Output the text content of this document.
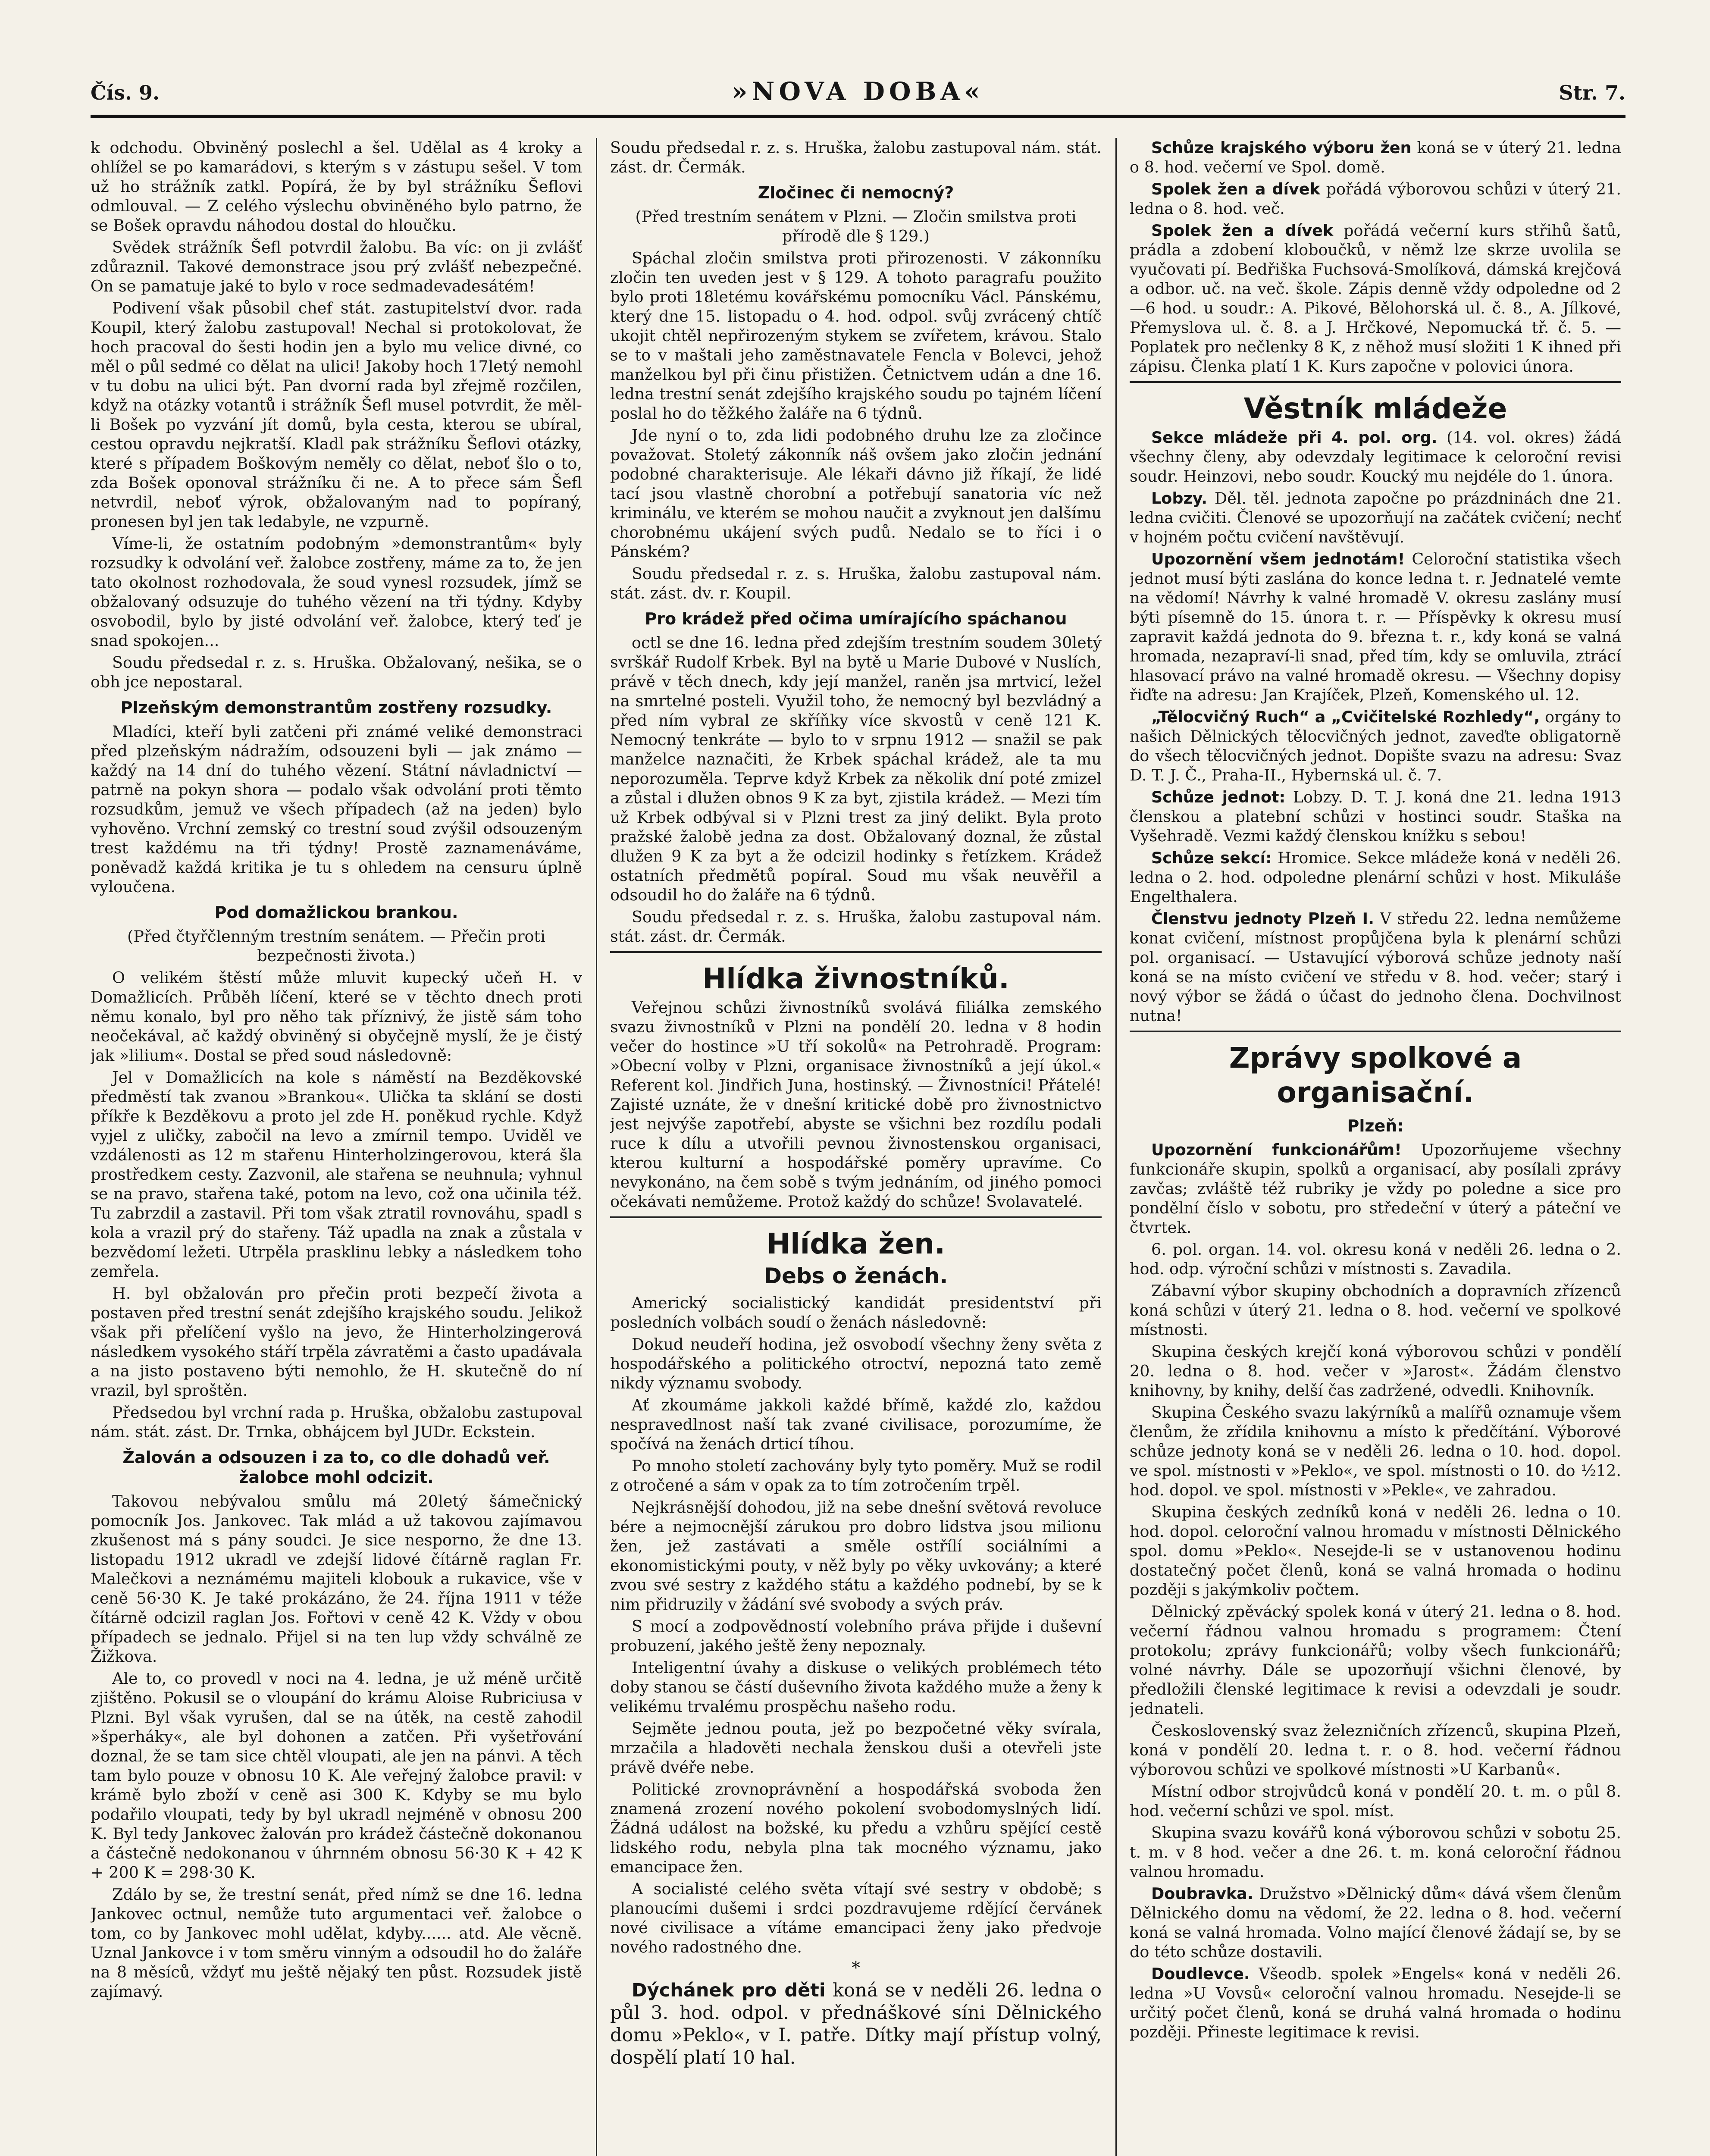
Čís. 9.	»NOVA DOBA«	Str. 7.

k odchodu. Obviněný poslechl a šel. Udělal as 4 kroky a ohlížel se po kamarádovi, s kterým s v zástupu sešel. V tom už ho strážník zatkl. Popírá, že by byl strážníku Šeflovi odmlouval. — Z celého výslechu obviněného bylo patrno, že se Bošek opravdu náhodou dostal do hloučku.

Svědek strážník Šefl potvrdil žalobu. Ba víc: on ji zvlášť zdůraznil. Takové demonstrace jsou prý zvlášť nebezpečné. On se pamatuje jaké to bylo v roce sedmadevadesátém!

Podivení však působil chef stát. zastupitelství dvor. rada Koupil, který žalobu zastupoval! Nechal si protokolovat, že hoch pracoval do šesti hodin jen a bylo mu velice divné, co měl o půl sedmé co dělat na ulici! Jakoby hoch 17letý nemohl v tu dobu na ulici být. Pan dvorní rada byl zřejmě rozčilen, když na otázky votantů i strážník Šefl musel potvrdit, že měl-li Bošek po vyzvání jít domů, byla cesta, kterou se ubíral, cestou opravdu nejkratší. Kladl pak strážníku Šeflovi otázky, které s případem Boškovým neměly co dělat, neboť šlo o to, zda Bošek oponoval strážníku či ne. A to přece sám Šefl netvrdil, neboť výrok, obžalovaným nad to popíraný, pronesen byl jen tak ledabyle, ne vzpurně.

Víme-li, že ostatním podobným »demonstrantům« byly rozsudky k odvolání veř. žalobce zostřeny, máme za to, že jen tato okolnost rozhodovala, že soud vynesl rozsudek, jímž se obžalovaný odsuzuje do tuhého vězení na tři týdny. Kdyby osvobodil, bylo by jisté odvolání veř. žalobce, který teď je snad spokojen...

Soudu předsedal r. z. s. Hruška. Obžalovaný, nešika, se o obh jce nepostaral.

Plzeňským demonstrantům zostřeny rozsudky.

Mladíci, kteří byli zatčeni při známé veliké demonstraci před plzeňským nádražím, odsouzeni byli — jak známo — každý na 14 dní do tuhého vězení. Státní návladnictví — patrně na pokyn shora — podalo však odvolání proti těmto rozsudkům, jemuž ve všech případech (až na jeden) bylo vyhověno. Vrchní zemský co trestní soud zvýšil odsouzeným trest každému na tři týdny! Prostě zaznamenáváme, poněvadž každá kritika je tu s ohledem na censuru úplně vyloučena.

Pod domažlickou brankou.

(Před čtyřčlenným trestním senátem. — Přečin proti bezpečnosti života.)

O velikém štěstí může mluvit kupecký učeň H. v Domažlicích. Průběh líčení, které se v těchto dnech proti němu konalo, byl pro něho tak příznivý, že jistě sám toho neočekával, ač každý obviněný si obyčejně myslí, že je čistý jak »lilium«. Dostal se před soud následovně:

Jel v Domažlicích na kole s náměstí na Bezděkovské předměstí tak zvanou »Brankou«. Ulička ta sklání se dosti příkře k Bezděkovu a proto jel zde H. poněkud rychle. Když vyjel z uličky, zabočil na levo a zmírnil tempo. Uviděl ve vzdálenosti as 12 m stařenu Hinterholzingerovou, která šla prostředkem cesty. Zazvonil, ale stařena se neuhnula; vyhnul se na pravo, stařena také, potom na levo, což ona učinila též. Tu zabrzdil a zastavil. Při tom však ztratil rovnováhu, spadl s kola a vrazil prý do stařeny. Táž upadla na znak a zůstala v bezvědomí ležeti. Utrpěla prasklinu lebky a následkem toho zemřela.

H. byl obžalován pro přečin proti bezpečí života a postaven před trestní senát zdejšího krajského soudu. Jelikož však při přelíčení vyšlo na jevo, že Hinterholzingerová následkem vysokého stáří trpěla závratěmi a často upadávala a na jisto postaveno býti nemohlo, že H. skutečně do ní vrazil, byl sproštěn.

Předsedou byl vrchní rada p. Hruška, obžalobu zastupoval nám. stát. zást. Dr. Trnka, obhájcem byl JUDr. Eckstein.

Žalován a odsouzen i za to, co dle dohadů veř. žalobce mohl odcizit.

Takovou nebývalou smůlu má 20letý šámečnický pomocník Jos. Jankovec. Tak mlád a už takovou zajímavou zkušenost má s pány soudci. Je sice nesporno, že dne 13. listopadu 1912 ukradl ve zdejší lidové čítárně raglan Fr. Malečkovi a neznámému majiteli klobouk a rukavice, vše v ceně 56·30 K. Je také prokázáno, že 24. října 1911 v téže čítárně odcizil raglan Jos. Fořtovi v ceně 42 K. Vždy v obou případech se jednalo. Přijel si na ten lup vždy schválně ze Žižkova.

Ale to, co provedl v noci na 4. ledna, je už méně určitě zjištěno. Pokusil se o vloupání do krámu Aloise Rubriciusa v Plzni. Byl však vyrušen, dal se na útěk, na cestě zahodil »šperháky«, ale byl dohonen a zatčen. Při vyšetřování doznal, že se tam sice chtěl vloupati, ale jen na pánvi. A těch tam bylo pouze v obnosu 10 K. Ale veřejný žalobce pravil: v krámě bylo zboží v ceně asi 300 K. Kdyby se mu bylo podařilo vloupati, tedy by byl ukradl nejméně v obnosu 200 K. Byl tedy Jankovec žalován pro krádež částečně dokonanou a částečně nedokonanou v úhrnném obnosu 56·30 K + 42 K + 200 K = 298·30 K.

Zdálo by se, že trestní senát, před nímž se dne 16. ledna Jankovec octnul, nemůže tuto argumentaci veř. žalobce o tom, co by Jankovec mohl udělat, kdyby...... atd. Ale věcně. Uznal Jankovce i v tom směru vinným a odsoudil ho do žaláře na 8 měsíců, vždyť mu ještě nějaký ten půst. Rozsudek jistě zajímavý.

Soudu předsedal r. z. s. Hruška, žalobu zastupoval nám. stát. zást. dr. Čermák.

Zločinec či nemocný?

(Před trestním senátem v Plzni. — Zločin smilstva proti přírodě dle § 129.)

Spáchal zločin smilstva proti přirozenosti. V zákonníku zločin ten uveden jest v § 129. A tohoto paragrafu použito bylo proti 18letému kovářskému pomocníku Václ. Pánskému, který dne 15. listopadu o 4. hod. odpol. svůj zvrácený chtíč ukojit chtěl nepřirozeným stykem se zvířetem, krávou. Stalo se to v maštali jeho zaměstnavatele Fencla v Bolevci, jehož manželkou byl při činu přistižen. Četnictvem udán a dne 16. ledna trestní senát zdejšího krajského soudu po tajném líčení poslal ho do těžkého žaláře na 6 týdnů.

Jde nyní o to, zda lidi podobného druhu lze za zločince považovat. Stoletý zákonník náš ovšem jako zločin jednání podobné charakterisuje. Ale lékaři dávno již říkají, že lidé tací jsou vlastně chorobní a potřebují sanatoria víc než kriminálu, ve kterém se mohou naučit a zvyknout jen dalšímu chorobnému ukájení svých pudů. Nedalo se to říci i o Pánském?

Soudu předsedal r. z. s. Hruška, žalobu zastupoval nám. stát. zást. dv. r. Koupil.

Pro krádež před očima umírajícího spáchanou

octl se dne 16. ledna před zdejším trestním soudem 30letý svrškář Rudolf Krbek. Byl na bytě u Marie Dubové v Nuslích, právě v těch dnech, kdy její manžel, raněn jsa mrtvicí, ležel na smrtelné posteli. Využil toho, že nemocný byl bezvládný a před ním vybral ze skříňky více skvostů v ceně 121 K. Nemocný tenkráte — bylo to v srpnu 1912 — snažil se pak manželce naznačiti, že Krbek spáchal krádež, ale ta mu neporozuměla. Teprve když Krbek za několik dní poté zmizel a zůstal i dlužen obnos 9 K za byt, zjistila krádež. — Mezi tím už Krbek odbýval si v Plzni trest za jiný delikt. Byla proto pražské žalobě jedna za dost. Obžalovaný doznal, že zůstal dlužen 9 K za byt a že odcizil hodinky s řetízkem. Krádež ostatních předmětů popíral. Soud mu však neuvěřil a odsoudil ho do žaláře na 6 týdnů.

Soudu předsedal r. z. s. Hruška, žalobu zastupoval nám. stát. zást. dr. Čermák.

Hlídka živnostníků.

Veřejnou schůzi živnostníků svolává filiálka zemského svazu živnostníků v Plzni na pondělí 20. ledna v 8 hodin večer do hostince »U tří sokolů« na Petrohradě. Program: »Obecní volby v Plzni, organisace živnostníků a její úkol.« Referent kol. Jindřich Juna, hostinský. — Živnostníci! Přátelé! Zajisté uznáte, že v dnešní kritické době pro živnostnictvo jest nejvýše zapotřebí, abyste se všichni bez rozdílu podali ruce k dílu a utvořili pevnou živnostenskou organisaci, kterou kulturní a hospodářské poměry upravíme. Co nevykonáno, na čem sobě s tvým jednáním, od jiného pomoci očekávati nemůžeme. Protož každý do schůze! Svolavatelé.

Hlídka žen.
Debs o ženách.

Americký socialistický kandidát presidentství při posledních volbách soudí o ženách následovně:

Dokud neudeří hodina, jež osvobodí všechny ženy světa z hospodářského a politického otroctví, nepozná tato země nikdy významu svobody.

Ať zkoumáme jakkoli každé břímě, každé zlo, každou nespravedlnost naší tak zvané civilisace, porozumíme, že spočívá na ženách drticí tíhou.

Po mnoho století zachovány byly tyto poměry. Muž se rodil z otročené a sám v opak za to tím zotročením trpěl.

Nejkrásnější dohodou, již na sebe dnešní světová revoluce bére a nejmocnější zárukou pro dobro lidstva jsou milionu žen, jež zastávati a směle ostřílí sociálními a ekonomistickými pouty, v něž byly po věky uvkovány; a které zvou své sestry z každého státu a každého podnebí, by se k nim přidruzily v žádání své svobody a svých práv.

S mocí a zodpovědností volebního práva přijde i duševní probuzení, jakého ještě ženy nepoznaly.

Inteligentní úvahy a diskuse o velikých problémech této doby stanou se částí duševního života každého muže a ženy k velikému trvalému prospěchu našeho rodu.

Sejměte jednou pouta, jež po bezpočetné věky svírala, mrzačila a hladověti nechala ženskou duši a otevřeli jste právě dvéře nebe.

Politické zrovnoprávnění a hospodářská svoboda žen znamená zrození nového pokolení svobodomyslných lidí. Žádná událost na božské, ku předu a vzhůru spějící cestě lidského rodu, nebyla plna tak mocného významu, jako emancipace žen.

A socialisté celého světa vítají své sestry v obdobě; s planoucími dušemi i srdci pozdravujeme rdějící červánek nové civilisace a vítáme emancipaci ženy jako předvoje nového radostného dne.

*

Dýchánek pro děti koná se v neděli 26. ledna o půl 3. hod. odpol. v přednáškové síni Dělnického domu »Peklo«, v I. patře. Dítky mají přístup volný, dospělí platí 10 hal.

Schůze krajského výboru žen koná se v úterý 21. ledna o 8. hod. večerní ve Spol. domě.

Spolek žen a dívek pořádá výborovou schůzi v úterý 21. ledna o 8. hod. več.

Spolek žen a dívek pořádá večerní kurs střihů šatů, prádla a zdobení kloboučků, v němž lze skrze uvolila se vyučovati pí. Bedřiška Fuchsová-Smolíková, dámská krejčová a odbor. uč. na več. škole. Zápis denně vždy odpoledne od 2—6 hod. u soudr.: A. Pikové, Bělohorská ul. č. 8., A. Jílkové, Přemyslova ul. č. 8. a J. Hrčkové, Nepomucká tř. č. 5. — Poplatek pro nečlenky 8 K, z něhož musí složiti 1 K ihned při zápisu. Členka platí 1 K. Kurs započne v polovici února.

Věstník mládeže

Sekce mládeže při 4. pol. org. (14. vol. okres) žádá všechny členy, aby odevzdaly legitimace k celoroční revisi soudr. Heinzovi, nebo soudr. Koucký mu nejdéle do 1. února.

Lobzy. Děl. těl. jednota započne po prázdninách dne 21. ledna cvičiti. Členové se upozorňují na začátek cvičení; nechť v hojném počtu cvičení navštěvují.

Upozornění všem jednotám! Celoroční statistika všech jednot musí býti zaslána do konce ledna t. r. Jednatelé vemte na vědomí! Návrhy k valné hromadě V. okresu zaslány musí býti písemně do 15. února t. r. — Příspěvky k okresu musí zapravit každá jednota do 9. března t. r., kdy koná se valná hromada, nezapraví-li snad, před tím, kdy se omluvila, ztrácí hlasovací právo na valné hromadě okresu. — Všechny dopisy řiďte na adresu: Jan Krajíček, Plzeň, Komenského ul. 12.

„Tělocvičný Ruch“ a „Cvičitelské Rozhledy“, orgány to našich Dělnických tělocvičných jednot, zaveďte obligatorně do všech tělocvičných jednot. Dopište svazu na adresu: Svaz D. T. J. Č., Praha-II., Hybernská ul. č. 7.

Schůze jednot: Lobzy. D. T. J. koná dne 21. ledna 1913 členskou a platební schůzi v hostinci soudr. Staška na Vyšehradě. Vezmi každý členskou knížku s sebou!

Schůze sekcí: Hromice. Sekce mládeže koná v neděli 26. ledna o 2. hod. odpoledne plenární schůzi v host. Mikuláše Engelthalera.

Členstvu jednoty Plzeň I. V středu 22. ledna nemůžeme konat cvičení, místnost propůjčena byla k plenární schůzi pol. organisací. — Ustavující výborová schůze jednoty naší koná se na místo cvičení ve středu v 8. hod. večer; starý i nový výbor se žádá o účast do jednoho člena. Dochvilnost nutna!

Zprávy spolkové a organisační.
Plzeň:

Upozornění funkcionářům! Upozorňujeme všechny funkcionáře skupin, spolků a organisací, aby posílali zprávy zavčas; zvláště též rubriky je vždy po poledne a sice pro pondělní číslo v sobotu, pro středeční v úterý a páteční ve čtvrtek.

6. pol. organ. 14. vol. okresu koná v neděli 26. ledna o 2. hod. odp. výroční schůzi v místnosti s. Zavadila.

Zábavní výbor skupiny obchodních a dopravních zřízenců koná schůzi v úterý 21. ledna o 8. hod. večerní ve spolkové místnosti.

Skupina českých krejčí koná výborovou schůzi v pondělí 20. ledna o 8. hod. večer v »Jarost«. Žádám členstvo knihovny, by knihy, delší čas zadržené, odvedli. Knihovník.

Skupina Českého svazu lakýrníků a malířů oznamuje všem členům, že zřídila knihovnu a místo k předčítání. Výborové schůze jednoty koná se v neděli 26. ledna o 10. hod. dopol. ve spol. místnosti v »Peklo«, ve spol. místnosti o 10. do ½12. hod. dopol. ve spol. místnosti v »Pekle«, ve zahradou.

Skupina českých zedníků koná v neděli 26. ledna o 10. hod. dopol. celoroční valnou hromadu v místnosti Dělnického spol. domu »Peklo«. Nesejde-li se v ustanovenou hodinu dostatečný počet členů, koná se valná hromada o hodinu později s jakýmkoliv počtem.

Dělnický zpěvácký spolek koná v úterý 21. ledna o 8. hod. večerní řádnou valnou hromadu s programem: Čtení protokolu; zprávy funkcionářů; volby všech funkcionářů; volné návrhy. Dále se upozorňují všichni členové, by předložili členské legitimace k revisi a odevzdali je soudr. jednateli.

Československý svaz železničních zřízenců, skupina Plzeň, koná v pondělí 20. ledna t. r. o 8. hod. večerní řádnou výborovou schůzi ve spolkové místnosti »U Karbanů«.

Místní odbor strojvůdců koná v pondělí 20. t. m. o půl 8. hod. večerní schůzi ve spol. míst.

Skupina svazu kovářů koná výborovou schůzi v sobotu 25. t. m. v 8 hod. večer a dne 26. t. m. koná celoroční řádnou valnou hromadu.

Doubravka. Družstvo »Dělnický dům« dává všem členům Dělnického domu na vědomí, že 22. ledna o 8. hod. večerní koná se valná hromada. Volno mající členové žádají se, by se do této schůze dostavili.

Doudlevce. Všeodb. spolek »Engels« koná v neděli 26. ledna »U Vovsů« celoroční valnou hromadu. Nesejde-li se určitý počet členů, koná se druhá valná hromada o hodinu později. Přineste legitimace k revisi.
